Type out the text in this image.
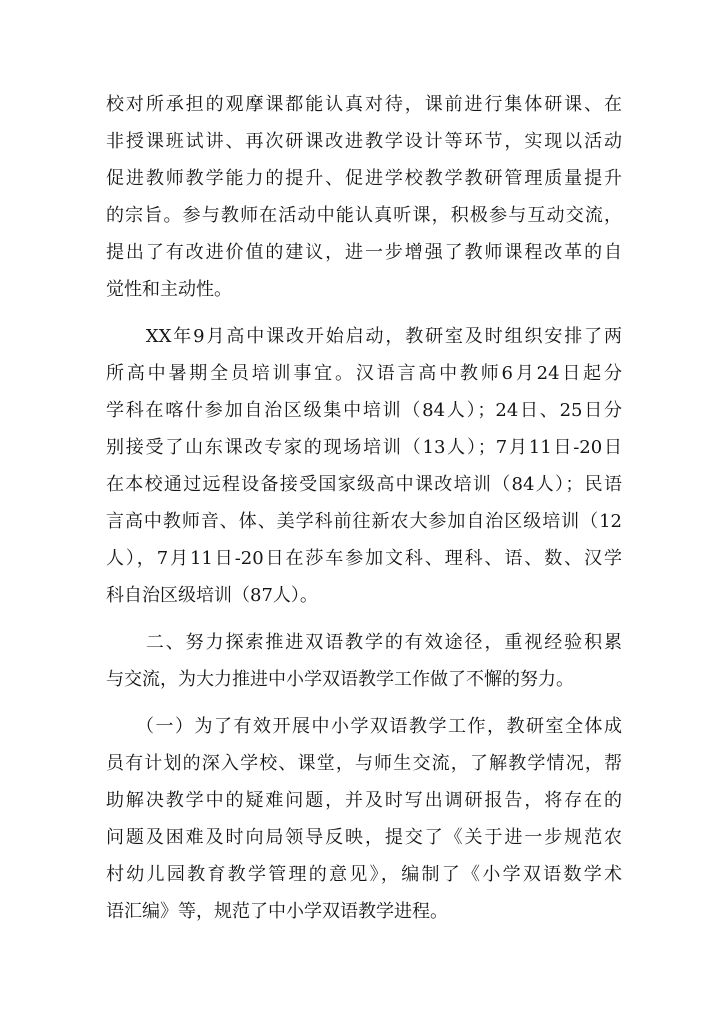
校对所承担的观摩课都能认真对待，课前进行集体研课、在
非授课班试讲、再次研课改进教学设计等环节，实现以活动
促进教师教学能力的提升、促进学校教学教研管理质量提升
的宗旨。参与教师在活动中能认真听课，积极参与互动交流，
提出了有改进价值的建议，进一步增强了教师课程改革的自
觉性和主动性。
　　XX年9月高中课改开始启动，教研室及时组织安排了两
所高中暑期全员培训事宜。汉语言高中教师6月24日起分
学科在喀什参加自治区级集中培训（84人）；24日、25日分
别接受了山东课改专家的现场培训（13人）；7月11日-20日
在本校通过远程设备接受国家级高中课改培训（84人）；民语
言高中教师音、体、美学科前往新农大参加自治区级培训（12
人），7月11日-20日在莎车参加文科、理科、语、数、汉学
科自治区级培训（87人）。
　　二、努力探索推进双语教学的有效途径，重视经验积累
与交流，为大力推进中小学双语教学工作做了不懈的努力。
　　（一）为了有效开展中小学双语教学工作，教研室全体成
员有计划的深入学校、课堂，与师生交流，了解教学情况，帮
助解决教学中的疑难问题，并及时写出调研报告，将存在的
问题及困难及时向局领导反映，提交了《关于进一步规范农
村幼儿园教育教学管理的意见》，编制了《小学双语数学术
语汇编》等，规范了中小学双语教学进程。
